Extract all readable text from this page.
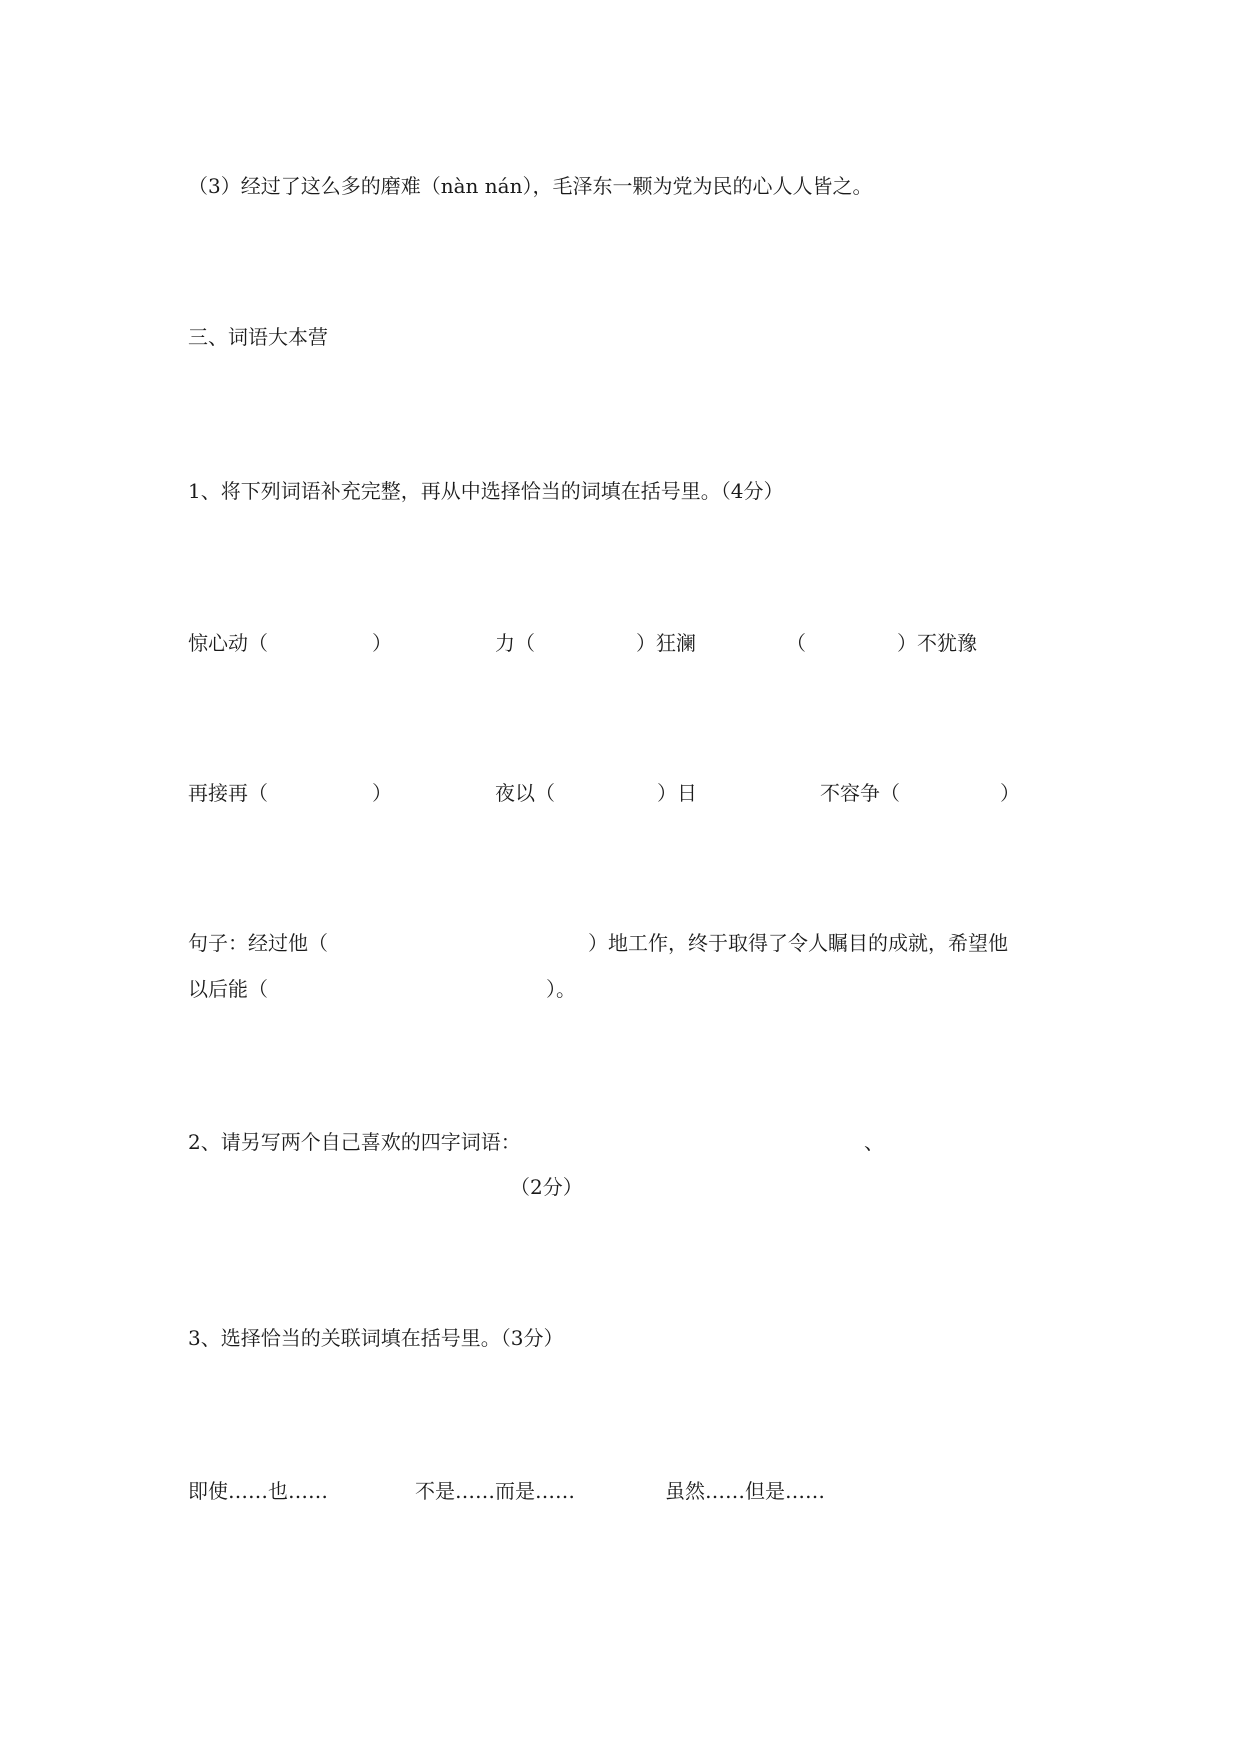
（3）经过了这么多的磨难（nàn nán），毛泽东一颗为党为民的心人人皆之。
三、词语大本营
1、将下列词语补充完整，再从中选择恰当的词填在括号里。（4分）
惊心动（	）	力（	）狂澜	（	）不犹豫
再接再（	）	夜以（	）日	不容争（	）
句子：经过他（	）地工作，终于取得了令人瞩目的成就，希望他
以后能（	）。
2、请另写两个自己喜欢的四字词语：	、
（2分）
3、选择恰当的关联词填在括号里。（3分）
即使……也……	不是……而是……	虽然……但是……
